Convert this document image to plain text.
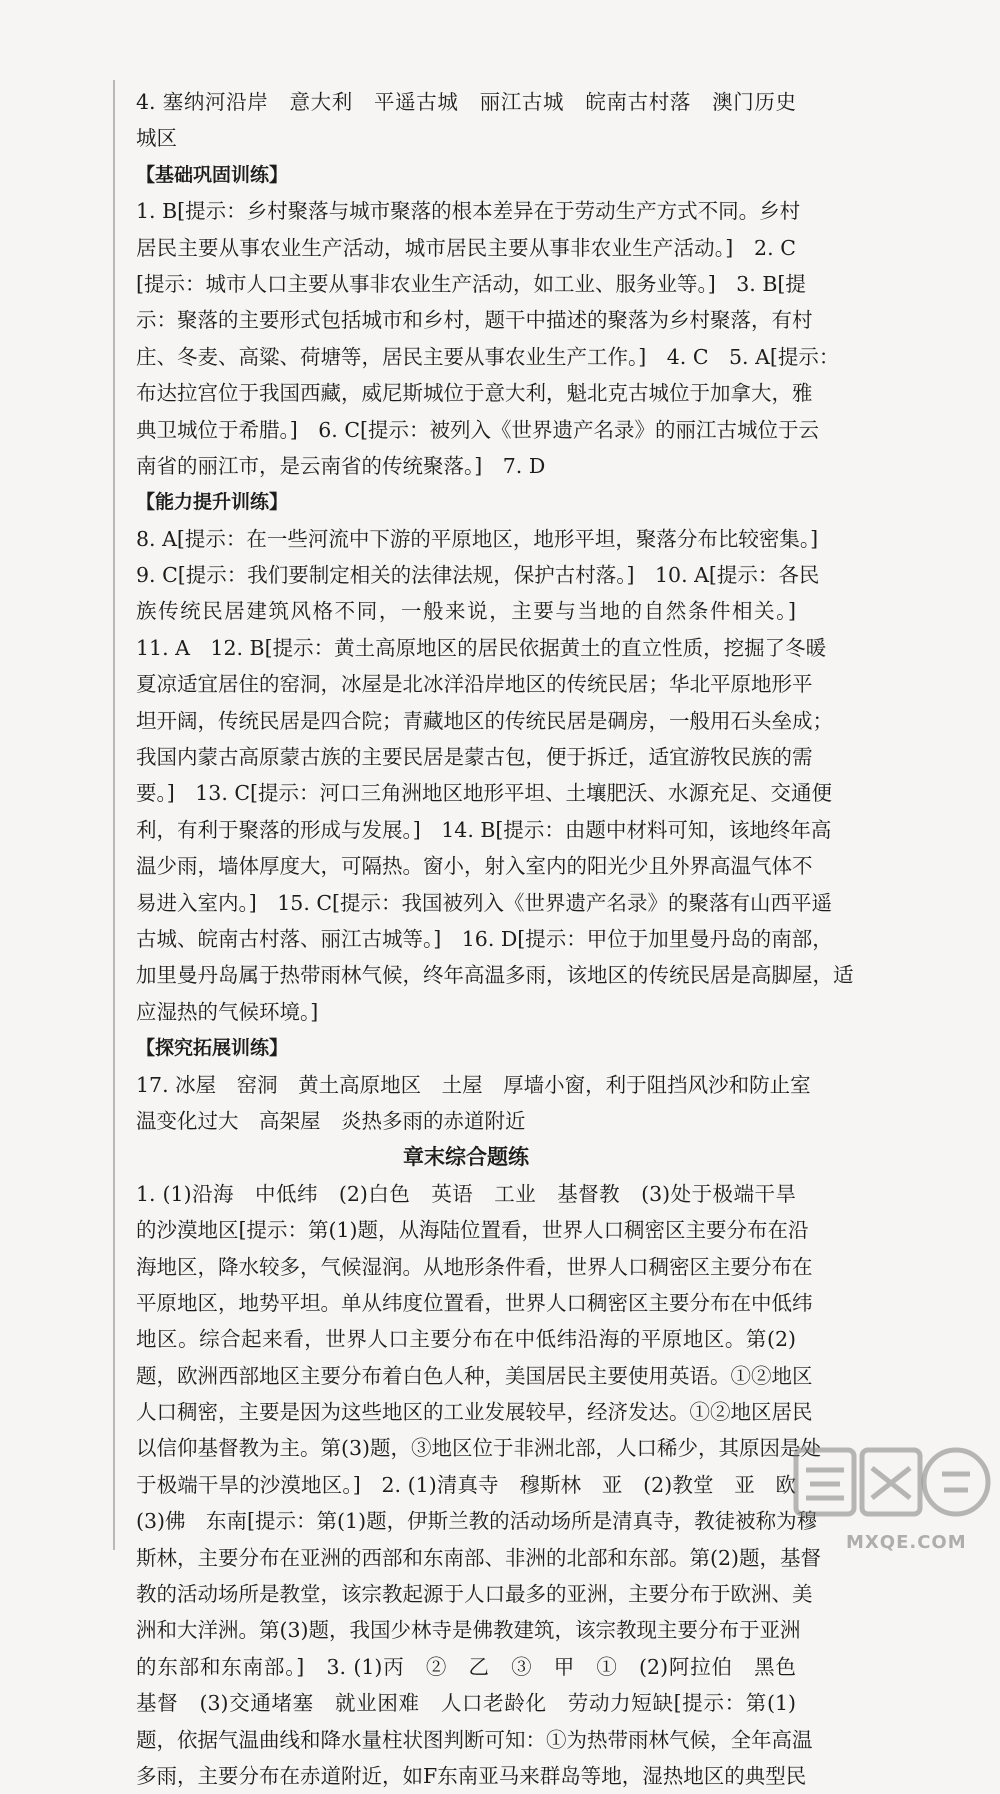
4. 塞纳河沿岸　意大利　平遥古城　丽江古城　皖南古村落　澳门历史
城区
【基础巩固训练】
1. B[提示：乡村聚落与城市聚落的根本差异在于劳动生产方式不同。乡村
居民主要从事农业生产活动，城市居民主要从事非农业生产活动。]　2. C
[提示：城市人口主要从事非农业生产活动，如工业、服务业等。]　3. B[提
示：聚落的主要形式包括城市和乡村，题干中描述的聚落为乡村聚落，有村
庄、冬麦、高粱、荷塘等，居民主要从事农业生产工作。]　4. C　5. A[提示：
布达拉宫位于我国西藏，威尼斯城位于意大利，魁北克古城位于加拿大，雅
典卫城位于希腊。]　6. C[提示：被列入《世界遗产名录》的丽江古城位于云
南省的丽江市，是云南省的传统聚落。]　7. D
【能力提升训练】
8. A[提示：在一些河流中下游的平原地区，地形平坦，聚落分布比较密集。]
9. C[提示：我们要制定相关的法律法规，保护古村落。]　10. A[提示：各民
族传统民居建筑风格不同，一般来说，主要与当地的自然条件相关。]
11. A　12. B[提示：黄土高原地区的居民依据黄土的直立性质，挖掘了冬暖
夏凉适宜居住的窑洞，冰屋是北冰洋沿岸地区的传统民居；华北平原地形平
坦开阔，传统民居是四合院；青藏地区的传统民居是碉房，一般用石头垒成；
我国内蒙古高原蒙古族的主要民居是蒙古包，便于拆迁，适宜游牧民族的需
要。]　13. C[提示：河口三角洲地区地形平坦、土壤肥沃、水源充足、交通便
利，有利于聚落的形成与发展。]　14. B[提示：由题中材料可知，该地终年高
温少雨，墙体厚度大，可隔热。窗小，射入室内的阳光少且外界高温气体不
易进入室内。]　15. C[提示：我国被列入《世界遗产名录》的聚落有山西平遥
古城、皖南古村落、丽江古城等。]　16. D[提示：甲位于加里曼丹岛的南部，
加里曼丹岛属于热带雨林气候，终年高温多雨，该地区的传统民居是高脚屋，适
应湿热的气候环境。]
【探究拓展训练】
17. 冰屋　窑洞　黄土高原地区　土屋　厚墙小窗，利于阻挡风沙和防止室
温变化过大　高架屋　炎热多雨的赤道附近
章末综合题练
1. (1)沿海　中低纬　(2)白色　英语　工业　基督教　(3)处于极端干旱
的沙漠地区[提示：第(1)题，从海陆位置看，世界人口稠密区主要分布在沿
海地区，降水较多，气候湿润。从地形条件看，世界人口稠密区主要分布在
平原地区，地势平坦。单从纬度位置看，世界人口稠密区主要分布在中低纬
地区。综合起来看，世界人口主要分布在中低纬沿海的平原地区。第(2)
题，欧洲西部地区主要分布着白色人种，美国居民主要使用英语。①②地区
人口稠密，主要是因为这些地区的工业发展较早，经济发达。①②地区居民
以信仰基督教为主。第(3)题，③地区位于非洲北部，人口稀少，其原因是处
于极端干旱的沙漠地区。]　2. (1)清真寺　穆斯林　亚　(2)教堂　亚　欧
(3)佛　东南[提示：第(1)题，伊斯兰教的活动场所是清真寺，教徒被称为穆
斯林，主要分布在亚洲的西部和东南部、非洲的北部和东部。第(2)题，基督
教的活动场所是教堂，该宗教起源于人口最多的亚洲，主要分布于欧洲、美
洲和大洋洲。第(3)题，我国少林寺是佛教建筑，该宗教现主要分布于亚洲
的东部和东南部。]　3. (1)丙　②　乙　③　甲　①　(2)阿拉伯　黑色
基督　(3)交通堵塞　就业困难　人口老龄化　劳动力短缺[提示：第(1)
题，依据气温曲线和降水量柱状图判断可知：①为热带雨林气候，全年高温
多雨，主要分布在赤道附近，如F东南亚马来群岛等地，湿热地区的典型民
MXQE.COM
